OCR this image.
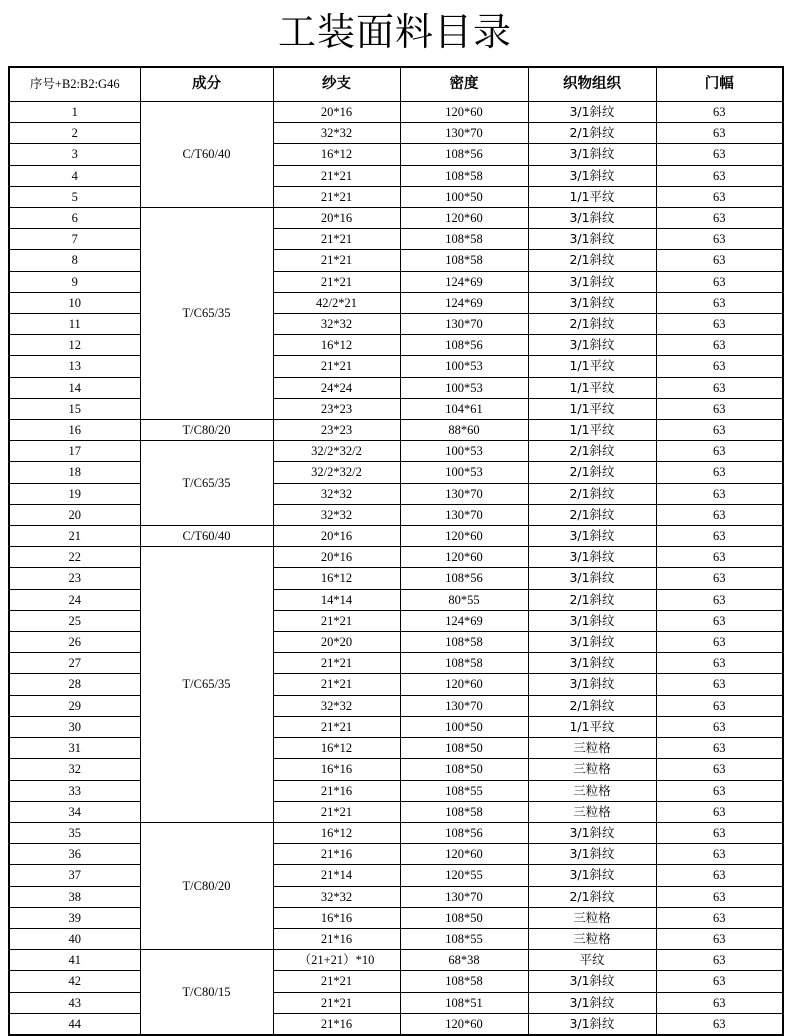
工装面料目录
序号+B2:B2:G46	成分	纱支	密度	织物组织	门幅
1	C/T60/40	20*16	120*60	3/1斜纹	63
2		32*32	130*70	2/1斜纹	63
3		16*12	108*56	3/1斜纹	63
4		21*21	108*58	3/1斜纹	63
5		21*21	100*50	1/1平纹	63
6	T/C65/35	20*16	120*60	3/1斜纹	63
7		21*21	108*58	3/1斜纹	63
8		21*21	108*58	2/1斜纹	63
9		21*21	124*69	3/1斜纹	63
10		42/2*21	124*69	3/1斜纹	63
11		32*32	130*70	2/1斜纹	63
12		16*12	108*56	3/1斜纹	63
13		21*21	100*53	1/1平纹	63
14		24*24	100*53	1/1平纹	63
15		23*23	104*61	1/1平纹	63
16	T/C80/20	23*23	88*60	1/1平纹	63
17	T/C65/35	32/2*32/2	100*53	2/1斜纹	63
18		32/2*32/2	100*53	2/1斜纹	63
19		32*32	130*70	2/1斜纹	63
20		32*32	130*70	2/1斜纹	63
21	C/T60/40	20*16	120*60	3/1斜纹	63
22	T/C65/35	20*16	120*60	3/1斜纹	63
23		16*12	108*56	3/1斜纹	63
24		14*14	80*55	2/1斜纹	63
25		21*21	124*69	3/1斜纹	63
26		20*20	108*58	3/1斜纹	63
27		21*21	108*58	3/1斜纹	63
28		21*21	120*60	3/1斜纹	63
29		32*32	130*70	2/1斜纹	63
30		21*21	100*50	1/1平纹	63
31		16*12	108*50	三粒格	63
32		16*16	108*50	三粒格	63
33		21*16	108*55	三粒格	63
34		21*21	108*58	三粒格	63
35	T/C80/20	16*12	108*56	3/1斜纹	63
36		21*16	120*60	3/1斜纹	63
37		21*14	120*55	3/1斜纹	63
38		32*32	130*70	2/1斜纹	63
39		16*16	108*50	三粒格	63
40		21*16	108*55	三粒格	63
41	T/C80/15	（21+21）*10	68*38	平纹	63
42		21*21	108*58	3/1斜纹	63
43		21*21	108*51	3/1斜纹	63
44		21*16	120*60	3/1斜纹	63
